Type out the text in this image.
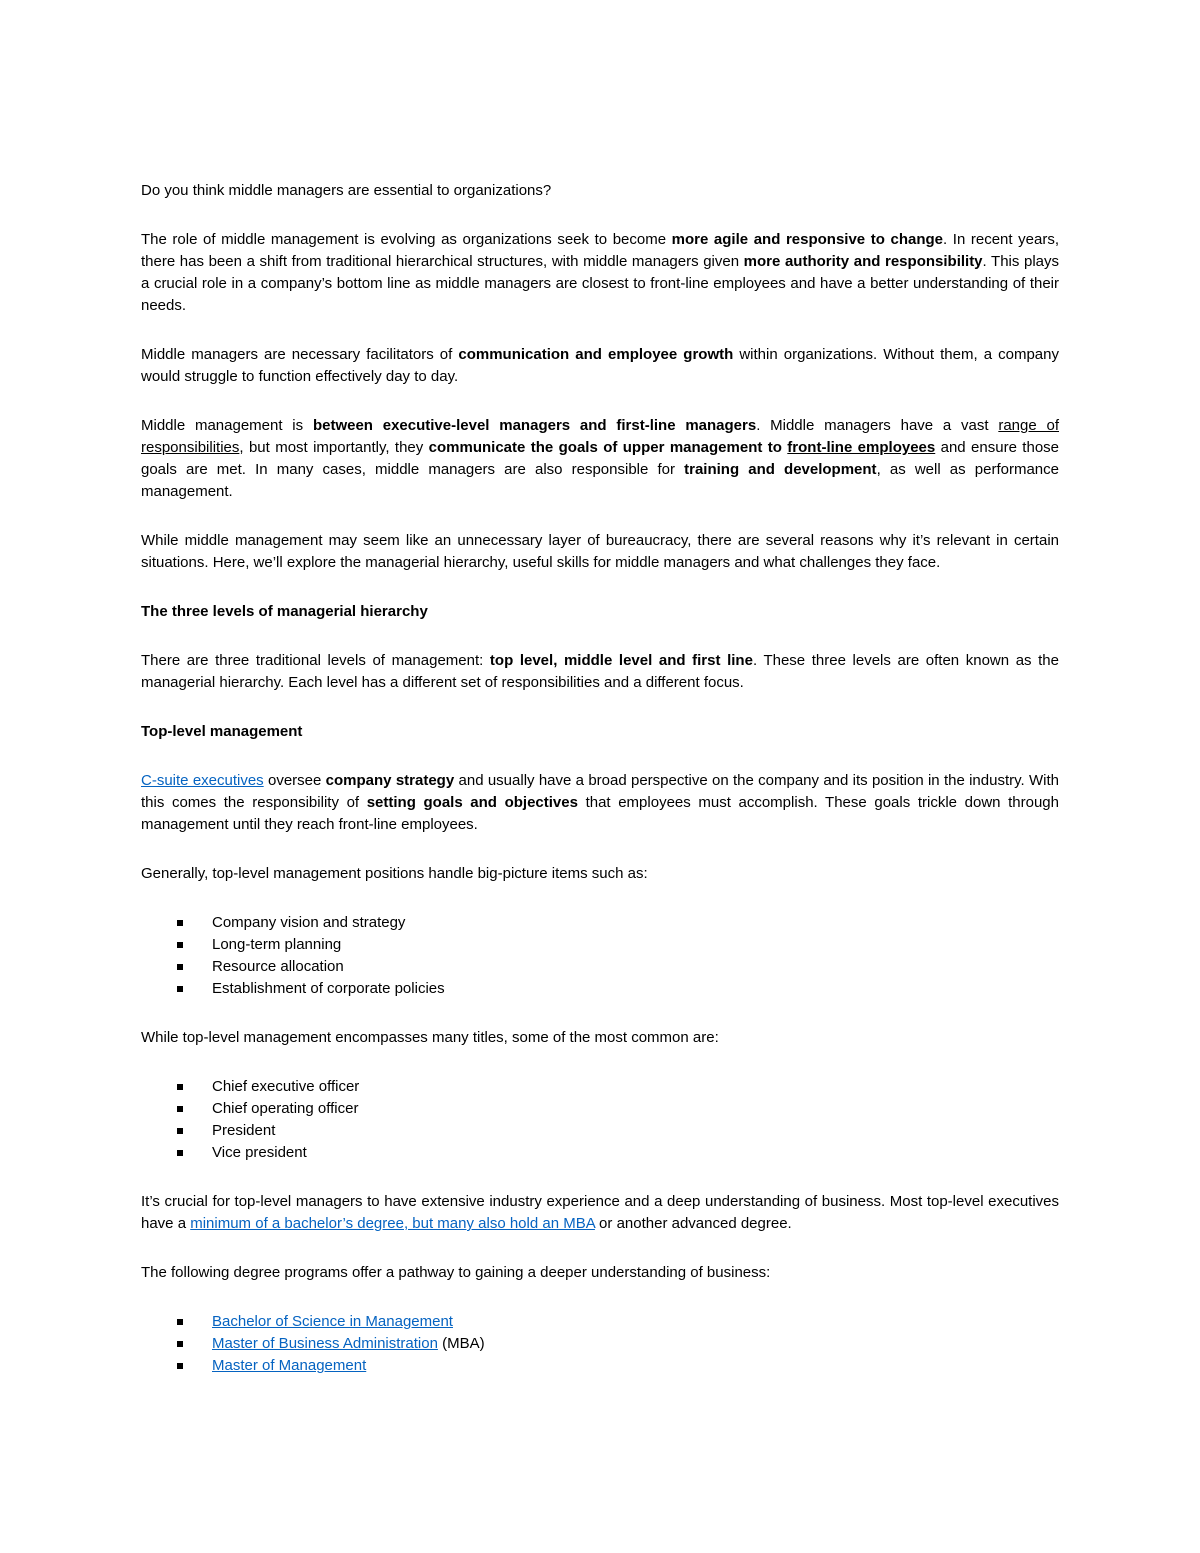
Do you think middle managers are essential to organizations?

The role of middle management is evolving as organizations seek to become more agile and responsive to change. In recent years, there has been a shift from traditional hierarchical structures, with middle managers given more authority and responsibility. This plays a crucial role in a company’s bottom line as middle managers are closest to front-line employees and have a better understanding of their needs.

Middle managers are necessary facilitators of communication and employee growth within organizations. Without them, a company would struggle to function effectively day to day.

Middle management is between executive-level managers and first-line managers. Middle managers have a vast range of responsibilities, but most importantly, they communicate the goals of upper management to front-line employees and ensure those goals are met. In many cases, middle managers are also responsible for training and development, as well as performance management.

While middle management may seem like an unnecessary layer of bureaucracy, there are several reasons why it’s relevant in certain situations. Here, we’ll explore the managerial hierarchy, useful skills for middle managers and what challenges they face.

The three levels of managerial hierarchy

There are three traditional levels of management: top level, middle level and first line. These three levels are often known as the managerial hierarchy. Each level has a different set of responsibilities and a different focus.

Top-level management

C-suite executives oversee company strategy and usually have a broad perspective on the company and its position in the industry. With this comes the responsibility of setting goals and objectives that employees must accomplish. These goals trickle down through management until they reach front-line employees.

Generally, top-level management positions handle big-picture items such as:

Company vision and strategy
Long-term planning
Resource allocation
Establishment of corporate policies

While top-level management encompasses many titles, some of the most common are:

Chief executive officer
Chief operating officer
President
Vice president

It’s crucial for top-level managers to have extensive industry experience and a deep understanding of business. Most top-level executives have a minimum of a bachelor’s degree, but many also hold an MBA or another advanced degree.

The following degree programs offer a pathway to gaining a deeper understanding of business:

Bachelor of Science in Management
Master of Business Administration (MBA)
Master of Management
